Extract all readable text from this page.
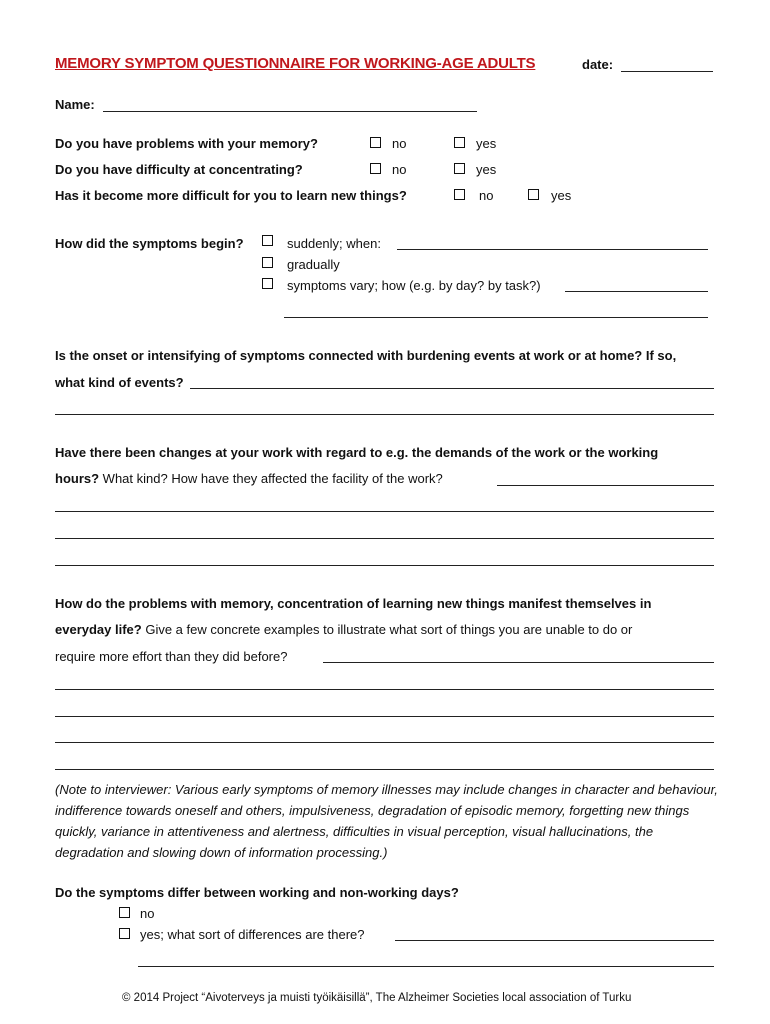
MEMORY SYMPTOM QUESTIONNAIRE FOR WORKING-AGE ADULTS	date:
Name:
Do you have problems with your memory?	no	yes
Do you have difficulty at concentrating?	no	yes
Has it become more difficult for you to learn new things?	no	yes
How did the symptoms begin?	suddenly; when:
gradually
symptoms vary; how (e.g. by day? by task?)
Is the onset or intensifying of symptoms connected with burdening events at work or at home? If so,
what kind of events?
Have there been changes at your work with regard to e.g. the demands of the work or the working
hours? What kind? How have they affected the facility of the work?
How do the problems with memory, concentration of learning new things manifest themselves in
everyday life? Give a few concrete examples to illustrate what sort of things you are unable to do or
require more effort than they did before?
(Note to interviewer: Various early symptoms of memory illnesses may include changes in character and behaviour, indifference towards oneself and others, impulsiveness, degradation of episodic memory, forgetting new things quickly, variance in attentiveness and alertness, difficulties in visual perception, visual hallucinations, the degradation and slowing down of information processing.)
Do the symptoms differ between working and non-working days?
no
yes; what sort of differences are there?
© 2014 Project “Aivoterveys ja muisti työikäisillä”, The Alzheimer Societies local association of Turku
